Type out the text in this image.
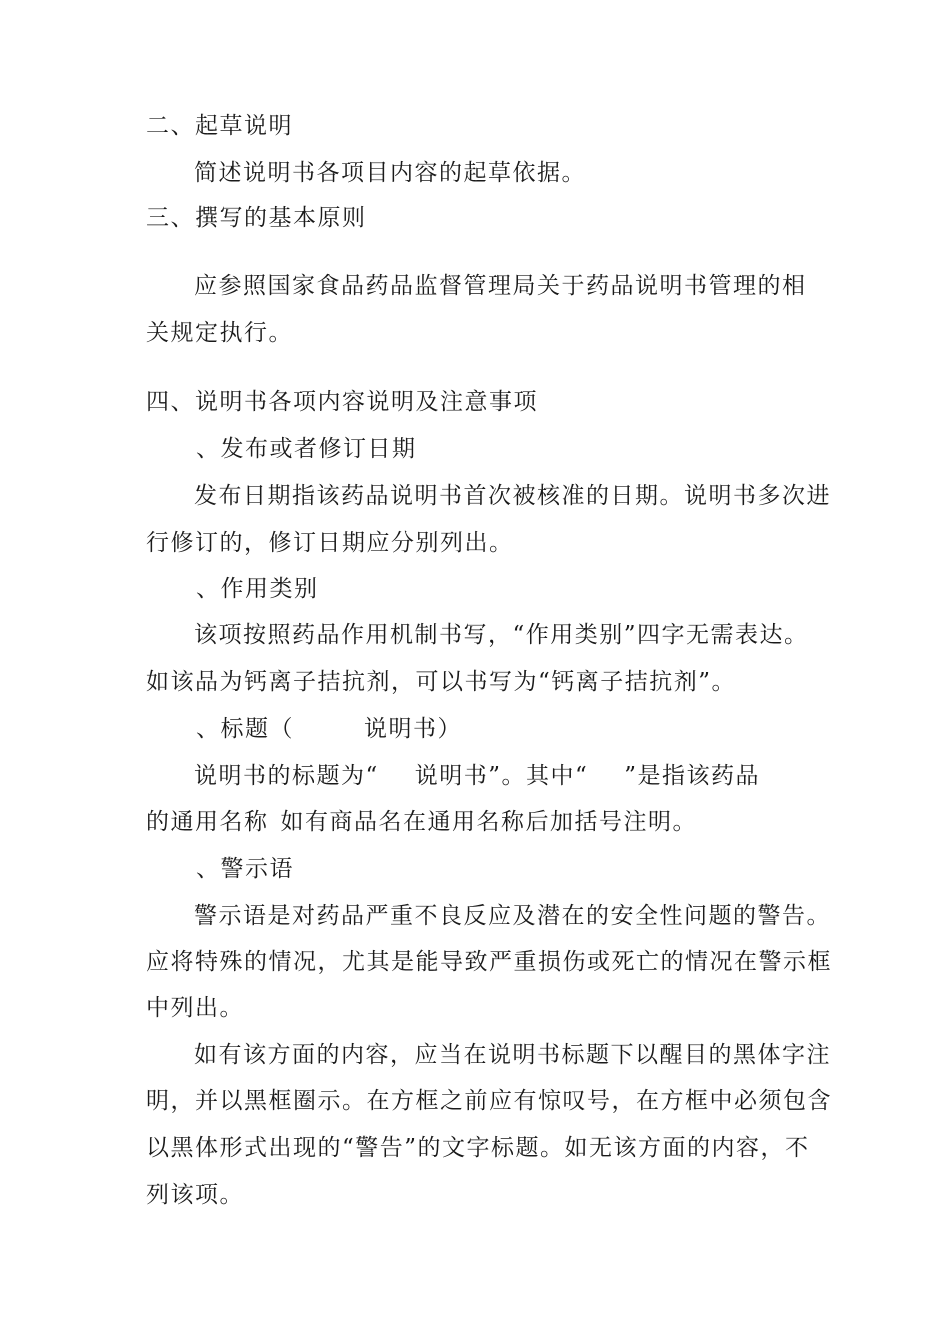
二、起草说明
简述说明书各项目内容的起草依据。
三、撰写的基本原则
应参照国家食品药品监督管理局关于药品说明书管理的相
关规定执行。
四、说明书各项内容说明及注意事项
、发布或者修订日期
发布日期指该药品说明书首次被核准的日期。说明书多次进
行修订的，修订日期应分别列出。
、作用类别
该项按照药品作用机制书写，“作用类别”四字无需表达。
如该品为钙离子拮抗剂，可以书写为“钙离子拮抗剂”。
、标题（	说明书）
说明书的标题为“ 说明书”。其中“ ”是指该药品
的通用名称 如有商品名在通用名称后加括号注明。
、警示语
警示语是对药品严重不良反应及潜在的安全性问题的警告。
应将特殊的情况，尤其是能导致严重损伤或死亡的情况在警示框
中列出。
如有该方面的内容，应当在说明书标题下以醒目的黑体字注
明，并以黑框圈示。在方框之前应有惊叹号，在方框中必须包含
以黑体形式出现的“警告”的文字标题。如无该方面的内容，不
列该项。
